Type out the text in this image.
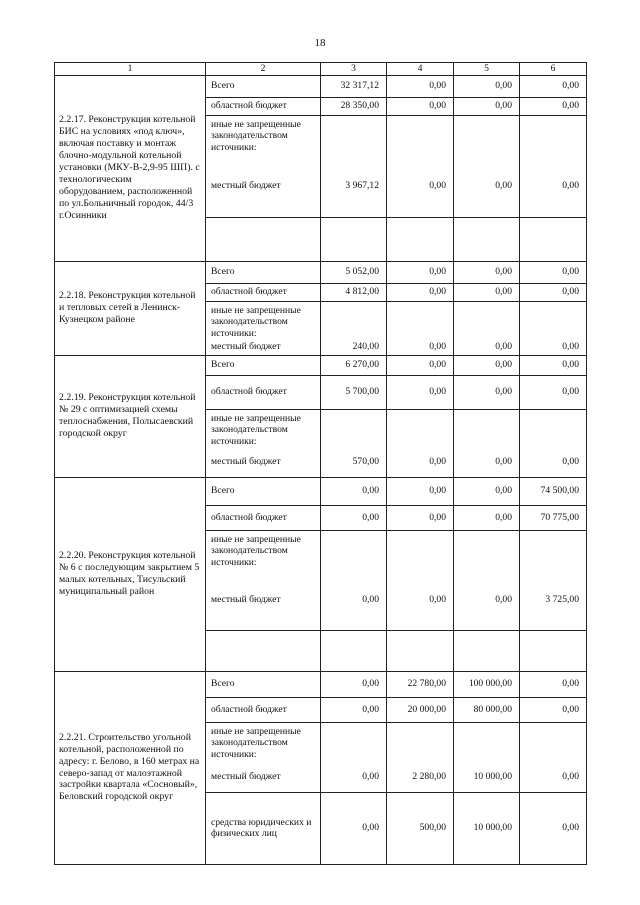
18
1	2	3	4	5	6
2.2.17. Реконструкция котельной БИС на условиях «под ключ», включая поставку и монтаж блочно-модульной котельной установки (МКУ-В-2,9-95 ШП). с технологическим оборудованием, расположенной по ул.Больничный городок, 44/3 г.Осинники	Всего	32 317,12	0,00	0,00	0,00
	областной бюджет	28 350,00	0,00	0,00	0,00
	иные не запрещенные законодательством источники:				
	местный бюджет	3 967,12	0,00	0,00	0,00

2.2.18. Реконструкция котельной и тепловых сетей в Ленинск-Кузнецком районе	Всего	5 052,00	0,00	0,00	0,00
	областной бюджет	4 812,00	0,00	0,00	0,00
	иные не запрещенные законодательством источники:				
	местный бюджет	240,00	0,00	0,00	0,00
2.2.19. Реконструкция котельной № 29 с оптимизацией схемы теплоснабжения, Полысаевский городской округ	Всего	6 270,00	0,00	0,00	0,00
	областной бюджет	5 700,00	0,00	0,00	0,00
	иные не запрещенные законодательством источники:				
	местный бюджет	570,00	0,00	0,00	0,00
2.2.20. Реконструкция котельной № 6 с последующим закрытием 5 малых котельных, Тисульский муниципальный район	Всего	0,00	0,00	0,00	74 500,00
	областной бюджет	0,00	0,00	0,00	70 775,00
	иные не запрещенные законодательством источники:				
	местный бюджет	0,00	0,00	0,00	3 725,00

2.2.21. Строительство угольной котельной, расположенной по адресу: г. Белово, в 160 метрах на северо-запад от малоэтажной застройки квартала «Сосновый», Беловский городской округ	Всего	0,00	22 780,00	100 000,00	0,00
	областной бюджет	0,00	20 000,00	80 000,00	0,00
	иные не запрещенные законодательством источники:				
	местный бюджет	0,00	2 280,00	10 000,00	0,00
	средства юридических и физических лиц	0,00	500,00	10 000,00	0,00
